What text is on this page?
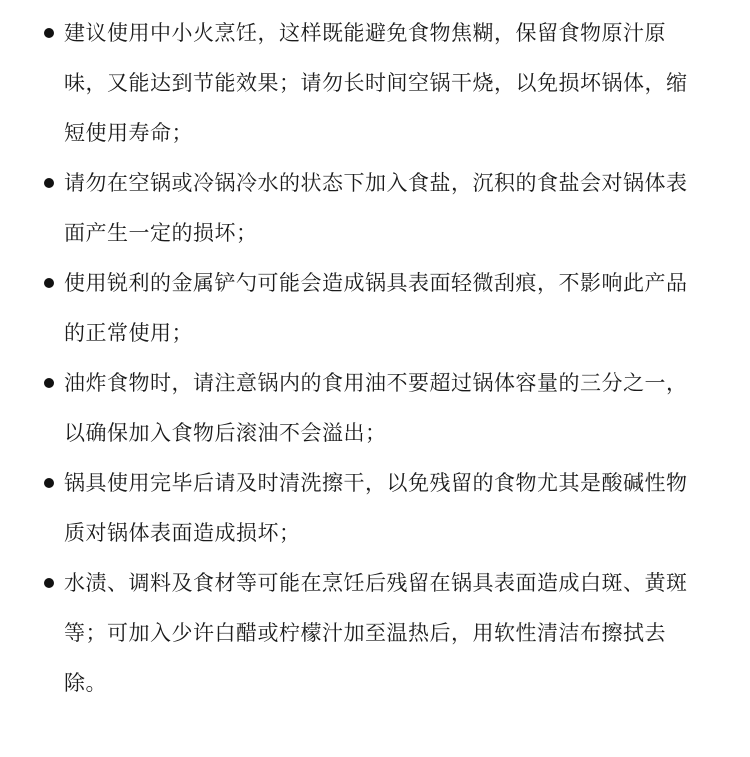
建议使用中小火烹饪，这样既能避免食物焦糊，保留食物原汁原味，又能达到节能效果；请勿长时间空锅干烧，以免损坏锅体，缩短使用寿命；
请勿在空锅或冷锅冷水的状态下加入食盐，沉积的食盐会对锅体表面产生一定的损坏；
使用锐利的金属铲勺可能会造成锅具表面轻微刮痕，不影响此产品的正常使用；
油炸食物时，请注意锅内的食用油不要超过锅体容量的三分之一，以确保加入食物后滚油不会溢出；
锅具使用完毕后请及时清洗擦干，以免残留的食物尤其是酸碱性物质对锅体表面造成损坏；
水渍、调料及食材等可能在烹饪后残留在锅具表面造成白斑、黄斑等；可加入少许白醋或柠檬汁加至温热后，用软性清洁布擦拭去除。
